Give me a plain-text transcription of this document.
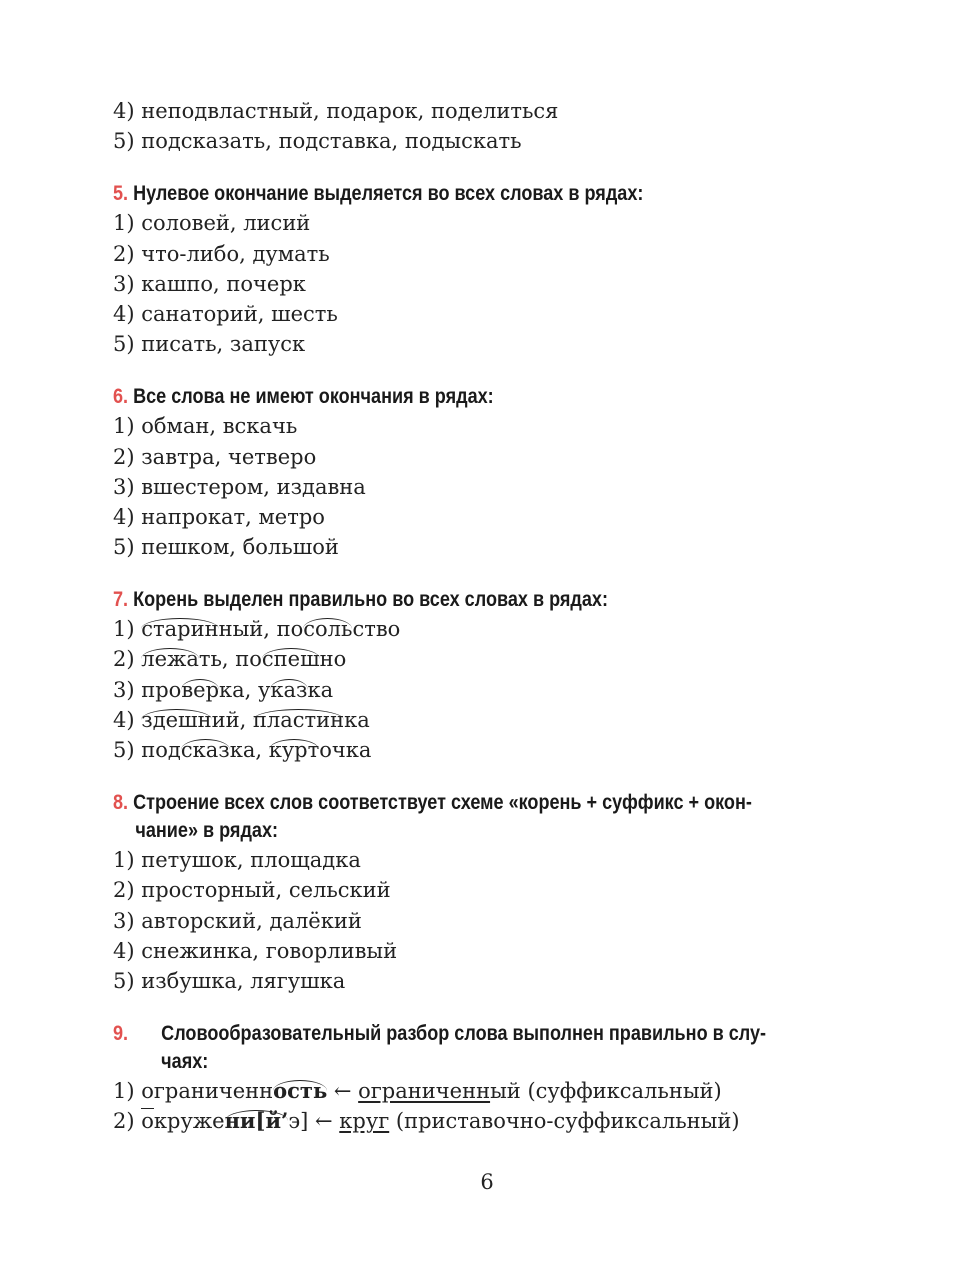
4) неподвластный, подарок, поделиться
5) подсказать, подставка, подыскать
5. Нулевое окончание выделяется во всех словах в рядах:
1) соловей, лисий
2) что-либо, думать
3) кашпо, почерк
4) санаторий, шесть
5) писать, запуск
6. Все слова не имеют окончания в рядах:
1) обман, вскачь
2) завтра, четверо
3) вшестером, издавна
4) напрокат, метро
5) пешком, большой
7. Корень выделен правильно во всех словах в рядах:
1) старинный, посольство
2) лежать, поспешно
3) проверка, указка
4) здешний, пластинка
5) подсказка, курточка
8. Строение всех слов соответствует схеме «корень + суффикс + окон-
чание» в рядах:
1) петушок, площадка
2) просторный, сельский
3) авторский, далёкий
4) снежинка, говорливый
5) избушка, лягушка
9. Словообразовательный разбор слова выполнен правильно в слу-
чаях:
1) ограниченность ← ограниченный (суффиксальный)
2) окружени[й’э] ← круг (приставочно-суффиксальный)
6
